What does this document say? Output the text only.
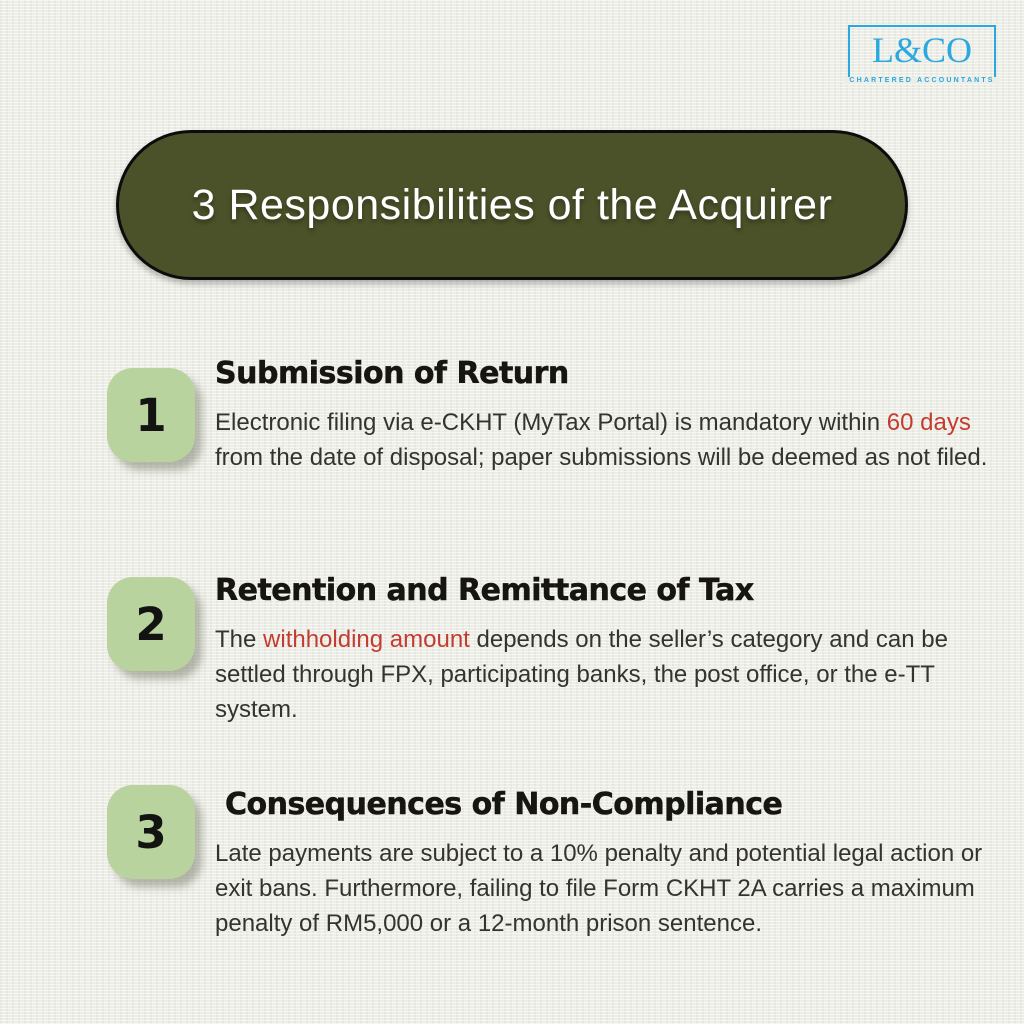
L&CO
CHARTERED ACCOUNTANTS
3 Responsibilities of the Acquirer
1
Submission of Return

Electronic filing via e-CKHT (MyTax Portal) is mandatory within 60 days from the date of disposal; paper submissions will be deemed as not filed.

2
Retention and Remittance of Tax

The withholding amount depends on the seller’s category and can be settled through FPX, participating banks, the post office, or the e-TT system.

3
Consequences of Non-Compliance

Late payments are subject to a 10% penalty and potential legal action or exit bans. Furthermore, failing to file Form CKHT 2A carries a maximum penalty of RM5,000 or a 12-month prison sentence.
